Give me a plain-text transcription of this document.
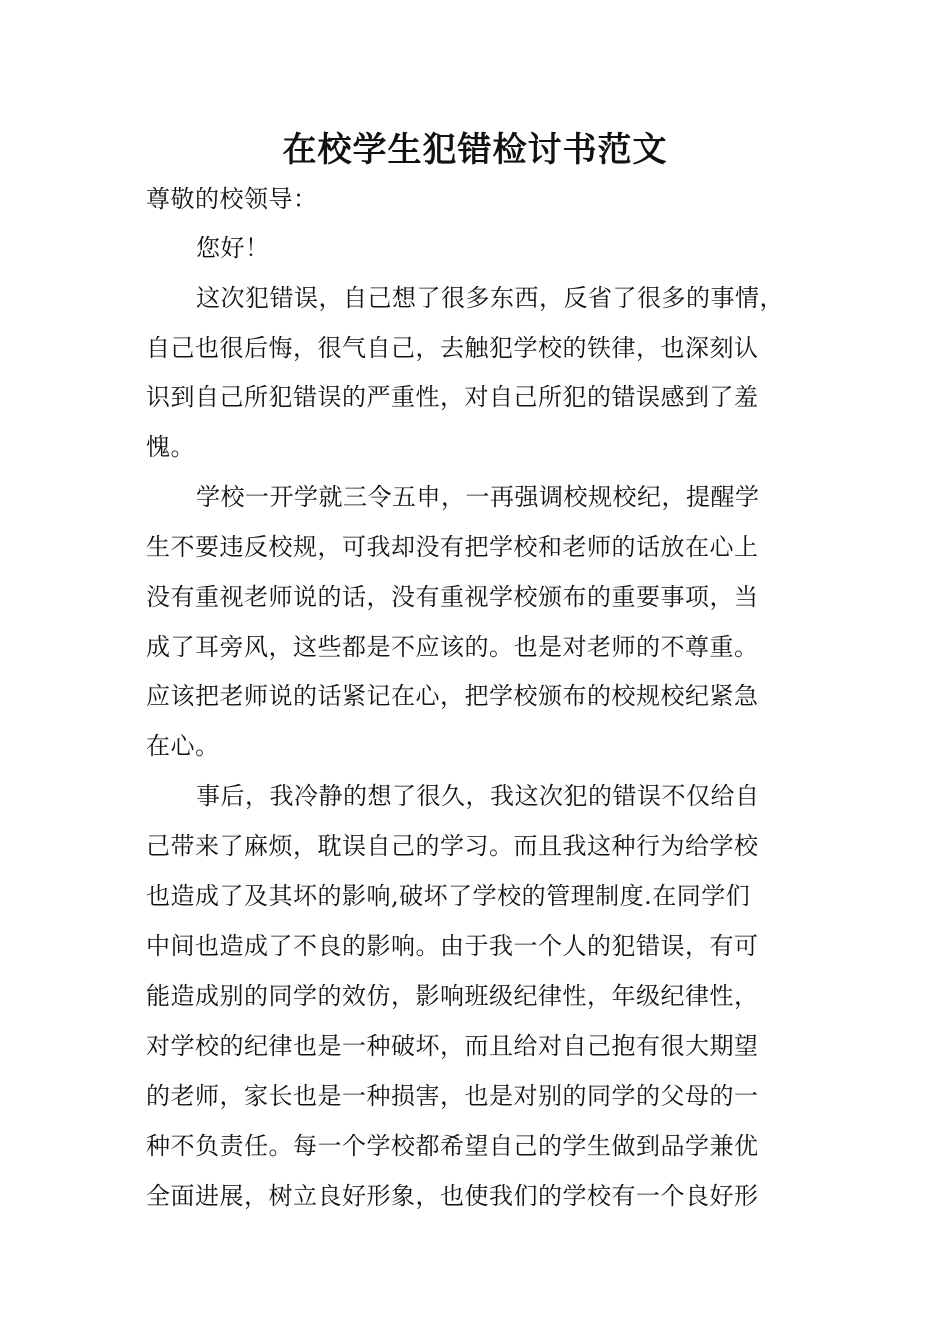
在校学生犯错检讨书范文
尊敬的校领导：
您好！
这次犯错误，自己想了很多东西，反省了很多的事情，
自己也很后悔，很气自己，去触犯学校的铁律，也深刻认
识到自己所犯错误的严重性，对自己所犯的错误感到了羞
愧。
学校一开学就三令五申，一再强调校规校纪，提醒学
生不要违反校规，可我却没有把学校和老师的话放在心上
没有重视老师说的话，没有重视学校颁布的重要事项，当
成了耳旁风，这些都是不应该的。也是对老师的不尊重。
应该把老师说的话紧记在心，把学校颁布的校规校纪紧急
在心。
事后，我冷静的想了很久，我这次犯的错误不仅给自
己带来了麻烦，耽误自己的学习。而且我这种行为给学校
也造成了及其坏的影响,破坏了学校的管理制度.在同学们
中间也造成了不良的影响。由于我一个人的犯错误，有可
能造成别的同学的效仿，影响班级纪律性，年级纪律性，
对学校的纪律也是一种破坏，而且给对自己抱有很大期望
的老师，家长也是一种损害，也是对别的同学的父母的一
种不负责任。每一个学校都希望自己的学生做到品学兼优
全面进展，树立良好形象，也使我们的学校有一个良好形
